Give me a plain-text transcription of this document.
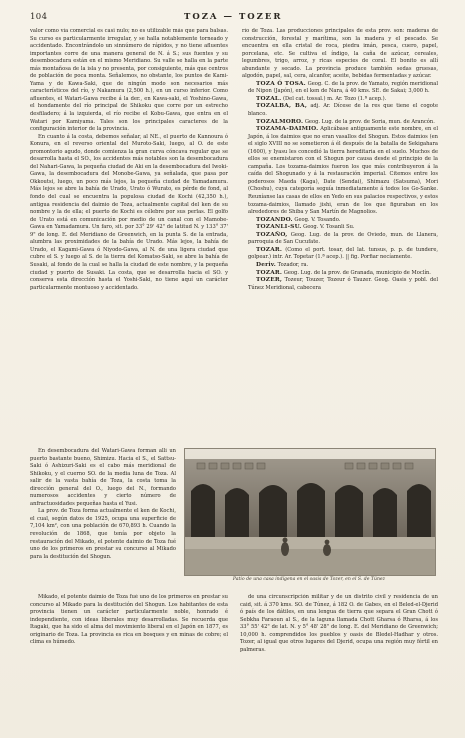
104	TOZA — TOZER

valor como vía comercial es casi nulo; no es utilizable más que para balsas. Su curso es particularmente irregular, y se halla notablemente torneado y accidentado. Encontrándolo un sinnúmero de rápidos, y no tiene afluentes importantes corre de una manera general de N. á S.; sus fuentes y su desembocadura están en el mismo Meridiano. Su valle se halla en la parte más montañosa de la isla y no presenta, por consiguiente, más que centros de población de poca monta. Señalemos, no obstante, los puntos de Kami-Yama y de Kawa-Saki, que de ningún modo son necesarios más característicos del río, y Nakamura (2,500 h.), en un curso inferior. Como afluentes, el Watari-Gawa recibe á la der., en Kawa-saki, el Yoshino-Gawa, el hondamente del río principal de Shikoku que corre por un estrecho desfiladero; á la izquierda, el río recibe el Kobu-Gawa, que entra en el Watari por Kamiyama. Tales son los principales caracteres de la configuración interior de la provincia.

En cuanto á la costa, debemos señalar, al NE., el puerto de Kannoura ó Konura, en el reverso oriental del Muroto-Saki, luego, al O. de este promontorio agudo, donde comienza la gran curva cóncava regular que se desarrolla hasta el SO., los accidentes más notables son la desembocadura del Nahari-Gawa, la pequeña ciudad de Aki en la desembocadura del Iwoki-Gawa, la desembocadura del Monobe-Gawa, ya señalada, que pasa por Okkoutsi, luego, un poco más lejos, la pequeña ciudad de Yamadamura. Más lejos se abre la bahía de Urado, Urato ó Wurato, es pérde de fond, al fondo del cual se encuentra la populosa ciudad de Kochi (42,350 h.), antigua residencia del daimio de Toza, actualmente capital del ken de su nombre y la de ella; el puerto de Kochi es célebre por sus perlas. El golfo de Urato está en comunicación por medio de un canal con el Mamobe-Gawa en Yamadamura. Un faro, sit. por 33° 29' 42" de latitud N. y 133° 37' 9" de long. E. del Meridiano de Greenwich, en la punta S. de la entrada, alumbra las proximidades de la bahía de Urado. Más lejos, la bahía de Urado, el Kagami-Gawa ó Niyodo-Gawa, al N. de una ligera ciudad que cubre el S. y luego al S. de la tierra del Komatso-Saki, se abre la bahía de Susaki, al fondo de la cual se halla la ciudad de este nombre, y la pequeña ciudad y puerto de Susaki. La costa, que se desarrolla hacia el SO. y conserva esta dirección hasta el Yoshi-Saki, no tiene aquí un carácter particularmente montuoso y accidentado.

En desembocadura del Watari-Gawa forman allí un puerto bastante bueno, Shimizu. Hacia el S., el Sattsu-Saki ó Ashizuri-Saki es el cabo más meridional de Shikoku, y el cuerno SO. de la media luna de Toza. Al salir de la vasta bahía de Toza, la costa toma la dirección general del O., luego del N., formando numerosos accidentes y cierto número de anfractuosidades pequeñas hasta el Yusi.

La prov. de Toza forma actualmente el ken de Kochi, el cual, según datos de 1925, ocupa una superficie de 7,104 km², con una población de 670,893 h. Cuando la revolución de 1868, que tenía por objeto la restauración del Mikado, el potente daimio de Toza fué uno de los primeros en prestar su concurso al Mikado para la destitución del Shogun.

río de Toza. Las producciones principales de esta prov. son: maderas de construcción, forestal y marítima, son la madera y el pescado. Se encuentra en ella cristal de roca, piedra imán, pesca, cuero, papel, porcelana, etc. Se cultiva el índigo, la caña de azúcar, cereales, legumbres, trigo, arroz, y ricas especies de coral. El bonito es allí abundante y secado. La provincia produce también sedas gruesas, algodón, papel, sal, cera, alcanfor, aceite, bebidas fermentadas y azúcar.

TOZA Ó TOSA. Geog. C. de la prov. de Yamato, región meridional de Nipon (Japón), en el ken de Nara, á 40 kms. SE. de Sakai; 3,000 h.

TOZAL. (Del cat. tossal.) m. Ar. Tozo (1.ª acep.).

TOZALBA, BA, adj. Ar. Dícese de la res que tiene el cogote blanco.

TOZALMORO. Geog. Lug. de la prov. de Soria, mun. de Arancón.

TOZAMA-DAIMIO. Aplicábase antiguamente este nombre, en el Japón, á los daimios que no eran vasallos del Shogun. Estos daimios (en el siglo XVIII no se sometieron á él después de la batalla de Sekigahara (1600), y Iyasu les concedió la tierra hereditaria en el suelo. Muchos de ellos se enemistaron con el Shogun por causa desde el principio de la campaña. Los tozama-daimios fueron los que más contribuyeron á la caída del Shogunado y á la restauración imperial. Citemos entre los poderosos Maeda (Kaga), Date (Sendai), Shimazu (Satsuma), Mori (Choshu), cuya categoría seguía inmediatamente á todos los Go-Sanke. Reuníanse las casas de ellos en Yedo en sus palacios respectivos, y estos tozama-daimios, llamado jishi, eran de los que figuraban en los alrededores de Shiba y San Martín de Magnolios.

TOZANDO. Geog. V. Tosando.

TOZANLI-SU. Geog. V. Tosanli Su.

TOZAÑO, Geog. Lug. de la prov. de Oviedo, mun. de Llanera, parroquia de San Cucufate.

TOZAR. (Como el port. tosar, del lat. tunsus, p. p. de tundere, golpear.) intr. Ar. Topetar (1.ª acep.). || fig. Porfiar necíamente.

Deriv. Tozador, ra.

TOZAR. Geog. Lug. de la prov. de Granada, municipio de Moclín.

TOZER, Tozeur, Touzer, Tozeur ó Tauzer. Geog. Oasis y pobl. del Túnez Meridional, cabecera

Patio de una casa indígena en el oasis de Tozer, en el S. de Túnez

Mikado, el potente daimio de Toza fué uno de los primeros en prestar su concurso al Mikado para la destitución del Shogun. Los habitantes de esta provincia tienen un carácter particularmente noble, honrado é independiente, con ideas liberales muy desarrolladas. Se recuerda que Itagaki, que ha sido el alma del movimiento liberal en el Japón en 1877, es originario de Toza. La provincia es rica en bosques y en minas de cobre; el clima es húmedo.

de una circunscripción militar y de un distrito civil y residencia de un caid, sit. á 370 kms. SO. de Túnez, á 182 O. de Gabes, en el Beled-el-Djerid ó país de los dátiles, en una lengua de tierra que separa el Gran Chott ó Sebkha Faraoun al S., de la laguna llamada Chott Gharsa ó Rharsa, á los 33° 55' 42" de lat. N. y 5° 48' 28" de long. E. del Meridiano de Greenwich; 10,000 h. comprendidos los pueblos y oasis de Bledel-Hadhar y otros. Tozer, al igual que otros lugares del Djerid, ocupa una región muy fértil en palmeras.
